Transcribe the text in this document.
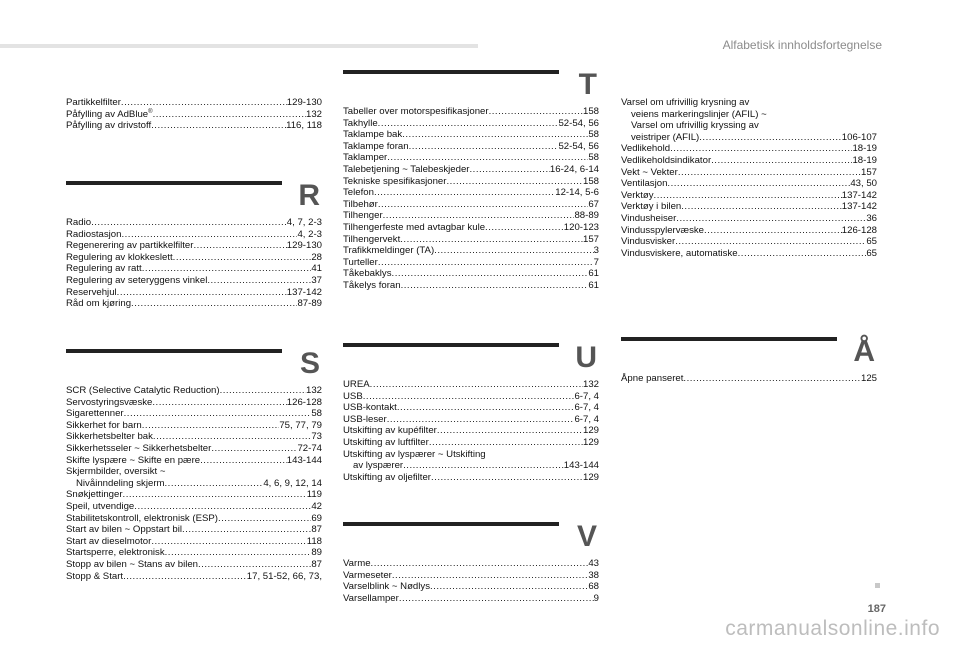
Alfabetisk innholdsfortegnelse
Partikkelfilter .....	129-130
Påfylling av AdBlue® .....	132
Påfylling av drivstoff .....	116, 118
R
Radio .....	4, 7, 2-3
Radiostasjon .....	4, 2-3
Regenerering av partikkelfilter .....	129-130
Regulering av klokkeslett .....	28
Regulering av ratt .....	41
Regulering av seteryggens vinkel .....	37
Reservehjul .....	137-142
Råd om kjøring .....	87-89
S
SCR (Selective Catalytic Reduction) .....	132
Servostyringsvæske .....	126-128
Sigarettenner .....	58
Sikkerhet for barn .....	75, 77, 79
Sikkerhetsbelter bak .....	73
Sikkerhetsseler ~ Sikkerhetsbelter .....	72-74
Skifte lyspære ~ Skifte en pære .....	143-144
Skjermbilder, oversikt ~
Nivåinndeling skjerm .....	4, 6, 9, 12, 14
Snøkjettinger .....	119
Speil, utvendige .....	42
Stabilitetskontroll, elektronisk (ESP) .....	69
Start av bilen ~ Oppstart bil .....	87
Start av dieselmotor .....	118
Startsperre, elektronisk .....	89
Stopp av bilen ~ Stans av bilen .....	87
Stopp & Start .....	17, 51-52, 66, 73,
T
Tabeller over motorspesifikasjoner .....	158
Takhylle .....	52-54, 56
Taklampe bak .....	58
Taklampe foran .....	52-54, 56
Taklamper .....	58
Talebetjening ~ Talebeskjeder .....	16-24, 6-14
Tekniske spesifikasjoner .....	158
Telefon .....	12-14, 5-6
Tilbehør .....	67
Tilhenger .....	88-89
Tilhengerfeste med avtagbar kule .....	120-123
Tilhengervekt .....	157
Trafikkmeldinger (TA) .....	3
Turteller .....	7
Tåkebaklys .....	61
Tåkelys foran .....	61
U
UREA .....	132
USB .....	6-7, 4
USB-kontakt .....	6-7, 4
USB-leser .....	6-7, 4
Utskifting av kupéfilter .....	129
Utskifting av luftfilter .....	129
Utskifting av lyspærer ~ Utskifting
av lyspærer .....	143-144
Utskifting av oljefilter .....	129
V
Varme .....	43
Varmeseter .....	38
Varselblink ~ Nødlys .....	68
Varsellamper .....	9
Varsel om ufrivillig krysning av
veiens markeringslinjer (AFIL) ~
Varsel om ufrivillig kryssing av
veistriper (AFIL) .....	106-107
Vedlikehold .....	18-19
Vedlikeholdsindikator .....	18-19
Vekt ~ Vekter .....	157
Ventilasjon .....	43, 50
Verktøy .....	137-142
Verktøy i bilen .....	137-142
Vindusheiser .....	36
Vindusspylervæske .....	126-128
Vindusvisker .....	65
Vindusviskere, automatiske .....	65
Å
Åpne panseret .....	125
187
carmanualsonline.info
